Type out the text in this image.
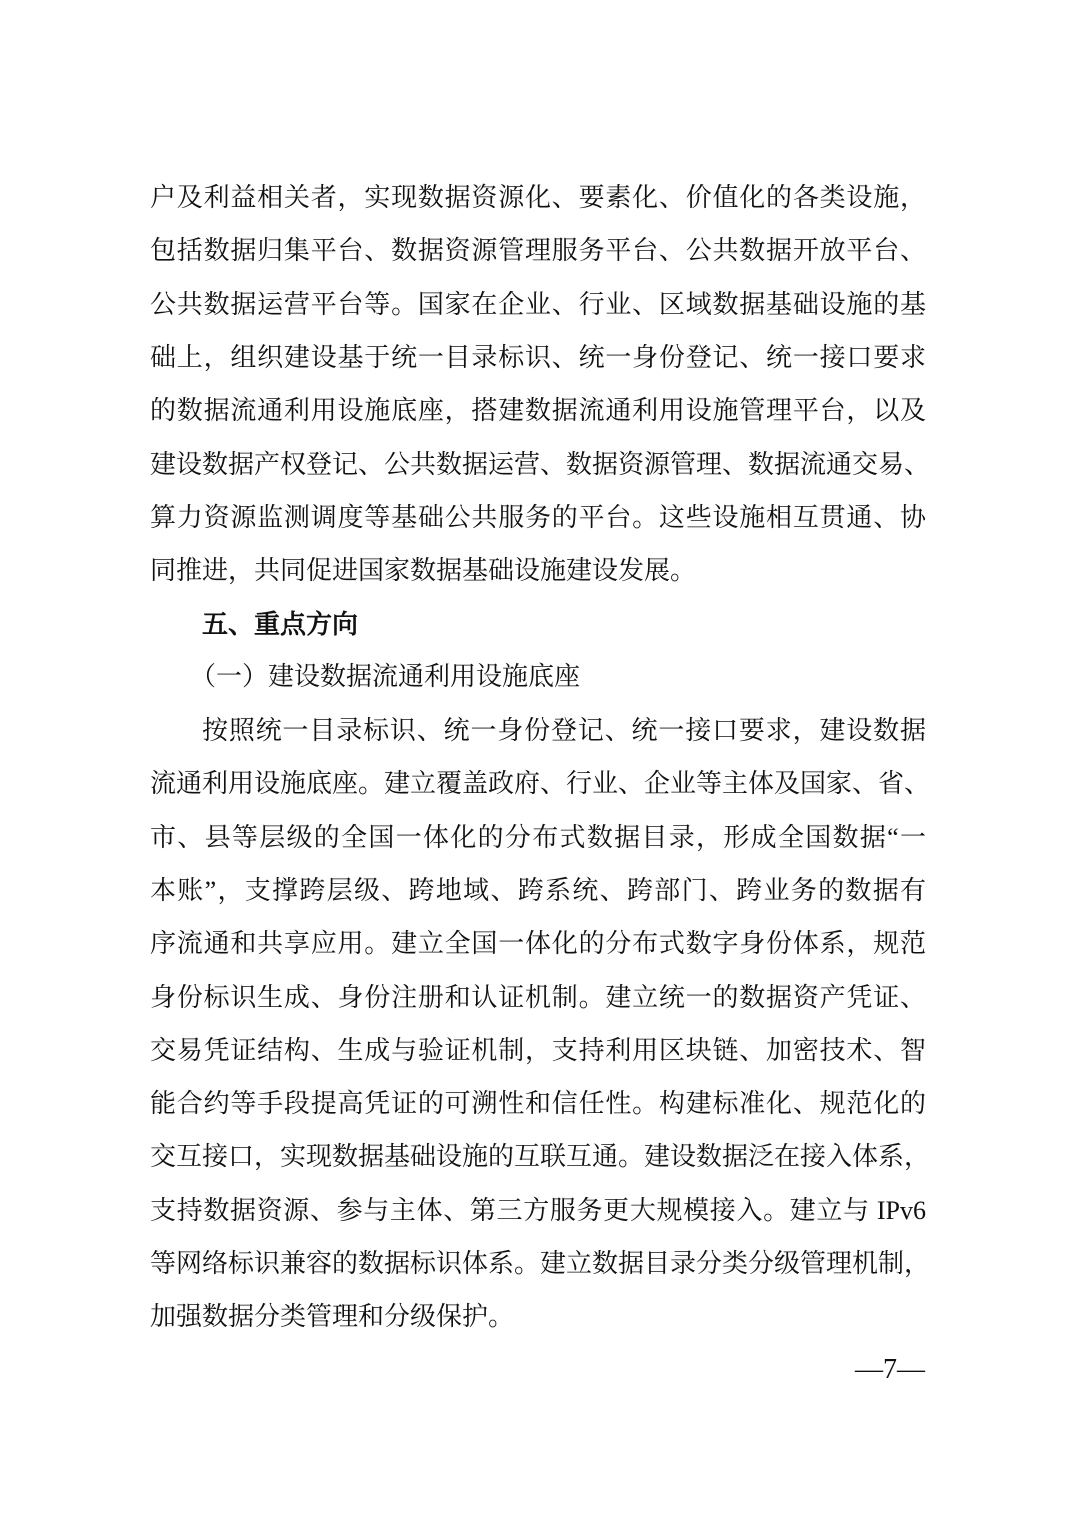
户及利益相关者，实现数据资源化、要素化、价值化的各类设施，
包括数据归集平台、数据资源管理服务平台、公共数据开放平台、
公共数据运营平台等。国家在企业、行业、区域数据基础设施的基
础上，组织建设基于统一目录标识、统一身份登记、统一接口要求
的数据流通利用设施底座，搭建数据流通利用设施管理平台，以及
建设数据产权登记、公共数据运营、数据资源管理、数据流通交易、
算力资源监测调度等基础公共服务的平台。这些设施相互贯通、协
同推进，共同促进国家数据基础设施建设发展。
五、重点方向
（一）建设数据流通利用设施底座
按照统一目录标识、统一身份登记、统一接口要求，建设数据
流通利用设施底座。建立覆盖政府、行业、企业等主体及国家、省、
市、县等层级的全国一体化的分布式数据目录，形成全国数据“一
本账”，支撑跨层级、跨地域、跨系统、跨部门、跨业务的数据有
序流通和共享应用。建立全国一体化的分布式数字身份体系，规范
身份标识生成、身份注册和认证机制。建立统一的数据资产凭证、
交易凭证结构、生成与验证机制，支持利用区块链、加密技术、智
能合约等手段提高凭证的可溯性和信任性。构建标准化、规范化的
交互接口，实现数据基础设施的互联互通。建设数据泛在接入体系，
支持数据资源、参与主体、第三方服务更大规模接入。建立与 IPv6
等网络标识兼容的数据标识体系。建立数据目录分类分级管理机制，
加强数据分类管理和分级保护。
—7—
